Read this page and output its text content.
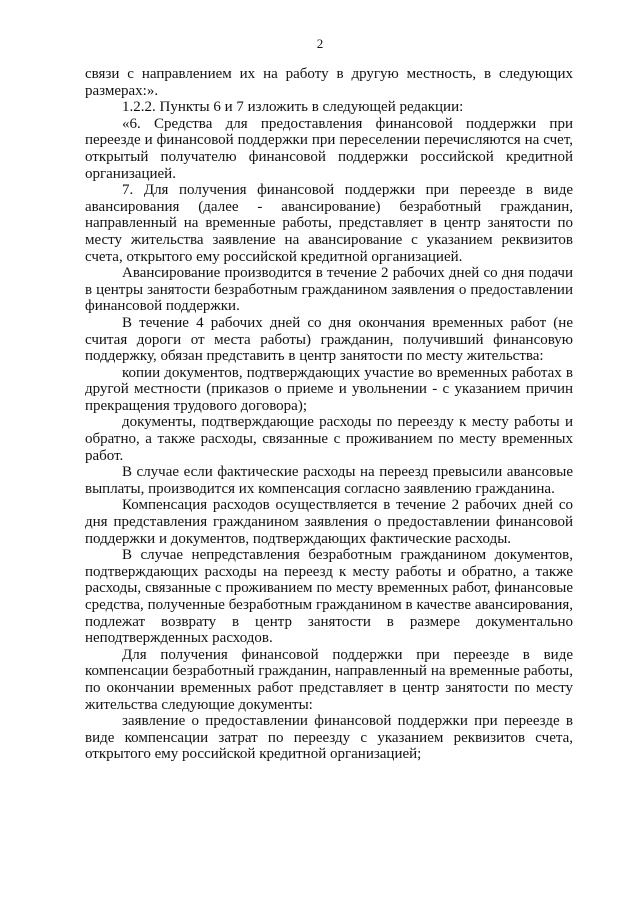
2

связи с направлением их на работу в другую местность, в следующих размерах:».

1.2.2. Пункты 6 и 7 изложить в следующей редакции:

«6. Средства для предоставления финансовой поддержки при переезде и финансовой поддержки при переселении перечисляются на счет, открытый получателю финансовой поддержки российской кредитной организацией.

7. Для получения финансовой поддержки при переезде в виде авансирования (далее - авансирование) безработный гражданин, направленный на временные работы, представляет в центр занятости по месту жительства заявление на авансирование с указанием реквизитов счета, открытого ему российской кредитной организацией.

Авансирование производится в течение 2 рабочих дней со дня подачи в центры занятости безработным гражданином заявления о предоставлении финансовой поддержки.

В течение 4 рабочих дней со дня окончания временных работ (не считая дороги от места работы) гражданин, получивший финансовую поддержку, обязан представить в центр занятости по месту жительства:

копии документов, подтверждающих участие во временных работах в другой местности (приказов о приеме и увольнении - с указанием причин прекращения трудового договора);

документы, подтверждающие расходы по переезду к месту работы и обратно, а также расходы, связанные с проживанием по месту временных работ.

В случае если фактические расходы на переезд превысили авансовые выплаты, производится их компенсация согласно заявлению гражданина.

Компенсация расходов осуществляется в течение 2 рабочих дней со дня представления гражданином заявления о предоставлении финансовой поддержки и документов, подтверждающих фактические расходы.

В случае непредставления безработным гражданином документов, подтверждающих расходы на переезд к месту работы и обратно, а также расходы, связанные с проживанием по месту временных работ, финансовые средства, полученные безработным гражданином в качестве авансирования, подлежат возврату в центр занятости в размере документально неподтвержденных расходов.

Для получения финансовой поддержки при переезде в виде компенсации безработный гражданин, направленный на временные работы, по окончании временных работ представляет в центр занятости по месту жительства следующие документы:

заявление о предоставлении финансовой поддержки при переезде в виде компенсации затрат по переезду с указанием реквизитов счета, открытого ему российской кредитной организацией;
